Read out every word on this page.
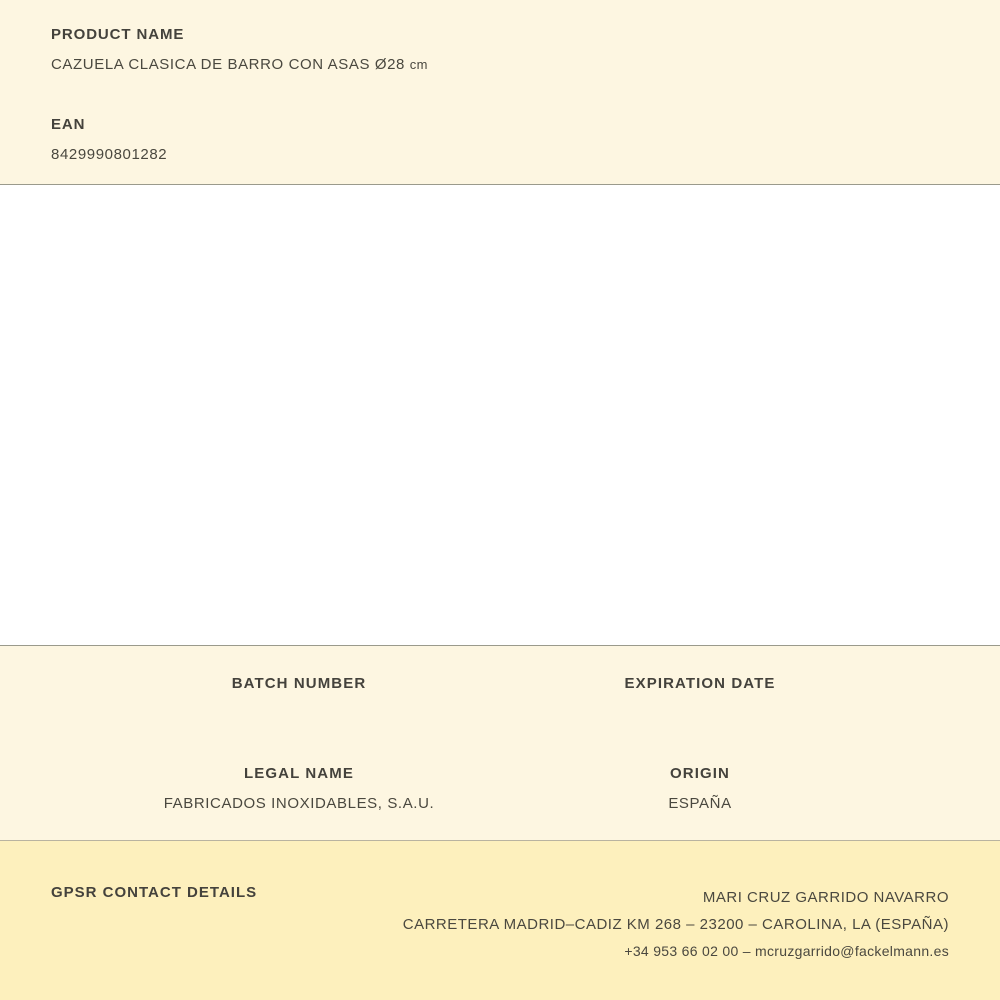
PRODUCT NAME
CAZUELA CLASICA DE BARRO CON ASAS Ø28 cm
EAN
8429990801282
BATCH NUMBER	EXPIRATION DATE
LEGAL NAME
FABRICADOS INOXIDABLES, S.A.U.
ORIGIN
ESPAÑA
GPSR CONTACT DETAILS	MARI CRUZ GARRIDO NAVARRO
CARRETERA MADRID–CADIZ KM 268 – 23200 – CAROLINA, LA (ESPAÑA)
+34 953 66 02 00 – mcruzgarrido@fackelmann.es
